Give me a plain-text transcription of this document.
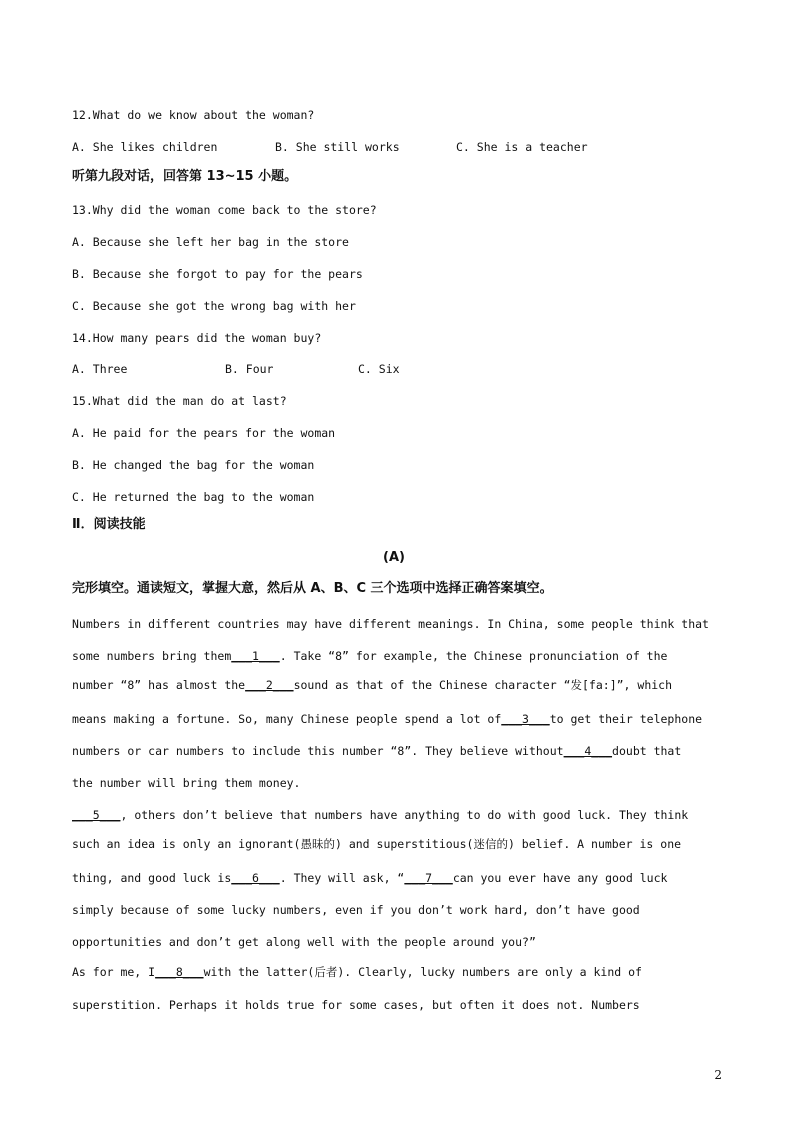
12.What do we know about the woman?
A. She likes children	B. She still works	C. She is a teacher
听第九段对话，回答第 13~15 小题。
13.Why did the woman come back to the store?
A. Because she left her bag in the store
B. Because she forgot to pay for the pears
C. Because she got the wrong bag with her
14.How many pears did the woman buy?
A. Three	B. Four	C. Six
15.What did the man do at last?
A. He paid for the pears for the woman
B. He changed the bag for the woman
C. He returned the bag to the woman
Ⅱ．阅读技能
(A)
完形填空。通读短文，掌握大意，然后从 A、B、C 三个选项中选择正确答案填空。
Numbers in different countries may have different meanings. In China, some people think that
some numbers bring them___1___. Take “8” for example, the Chinese pronunciation of the
number “8” has almost the___2___sound as that of the Chinese character “发[fa:]”, which
means making a fortune. So, many Chinese people spend a lot of___3___to get their telephone
numbers or car numbers to include this number “8”. They believe without___4___doubt that
the number will bring them money.
___5___, others don’t believe that numbers have anything to do with good luck. They think
such an idea is only an ignorant(愚昧的) and superstitious(迷信的) belief. A number is one
thing, and good luck is___6___. They will ask, “___7___can you ever have any good luck
simply because of some lucky numbers, even if you don’t work hard, don’t have good
opportunities and don’t get along well with the people around you?”
As for me, I___8___with the latter(后者). Clearly, lucky numbers are only a kind of
superstition. Perhaps it holds true for some cases, but often it does not. Numbers
2
